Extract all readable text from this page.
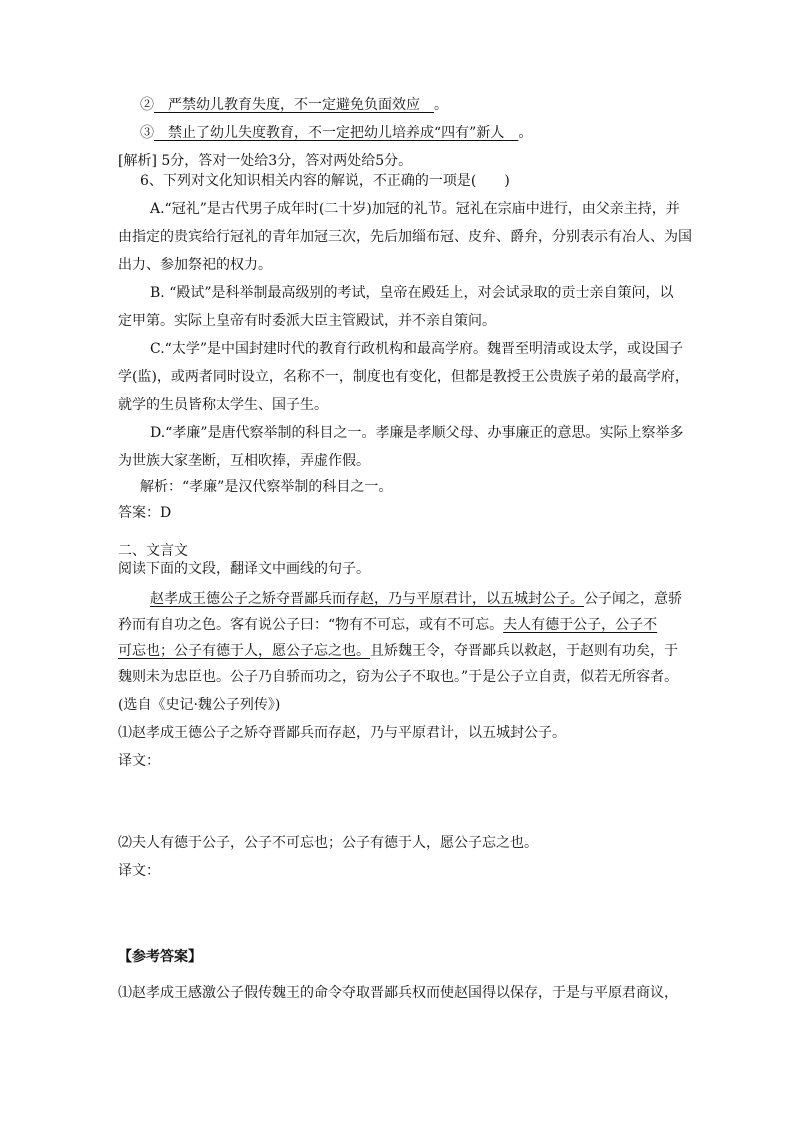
②  严禁幼儿教育失度，不一定避免负面效应  。
③  禁止了幼儿失度教育，不一定把幼儿培养成“四有”新人  。
[解析] 5分，答对一处给3分，答对两处给5分。
6、下列对文化知识相关内容的解说，不正确的一项是(　　)
A.“冠礼”是古代男子成年时(二十岁)加冠的礼节。冠礼在宗庙中进行，由父亲主持，并
由指定的贵宾给行冠礼的青年加冠三次，先后加缁布冠、皮弁、爵弁，分别表示有冶人、为国
出力、参加祭祀的权力。
B. “殿试”是科举制最高级别的考试，皇帝在殿廷上，对会试录取的贡士亲自策问，以
定甲第。实际上皇帝有时委派大臣主管殿试，并不亲自策问。
C.“太学”是中国封建时代的教育行政机构和最高学府。魏晋至明清或设太学，或设国子
学(监)，或两者同时设立，名称不一，制度也有变化，但都是教授王公贵族子弟的最高学府，
就学的生员皆称太学生、国子生。
D.“孝廉”是唐代察举制的科目之一。孝廉是孝顺父母、办事廉正的意思。实际上察举多
为世族大家垄断，互相吹捧，弄虚作假。
解析：“孝廉”是汉代察举制的科目之一。
答案：D
二、文言文
阅读下面的文段，翻译文中画线的句子。
赵孝成王德公子之矫夺晋鄙兵而存赵，乃与平原君计，以五城封公子。公子闻之，意骄
矜而有自功之色。客有说公子曰：“物有不可忘，或有不可忘。夫人有德于公子，公子不
可忘也；公子有德于人，愿公子忘之也。且矫魏王令，夺晋鄙兵以救赵，于赵则有功矣，于
魏则未为忠臣也。公子乃自骄而功之，窃为公子不取也。”于是公子立自责，似若无所容者。
(选自《史记·魏公子列传》)
⑴赵孝成王德公子之矫夺晋鄙兵而存赵，乃与平原君计，以五城封公子。
译文：
⑵夫人有德于公子，公子不可忘也；公子有德于人，愿公子忘之也。
译文：
【参考答案】
⑴赵孝成王感激公子假传魏王的命令夺取晋鄙兵权而使赵国得以保存，于是与平原君商议，
